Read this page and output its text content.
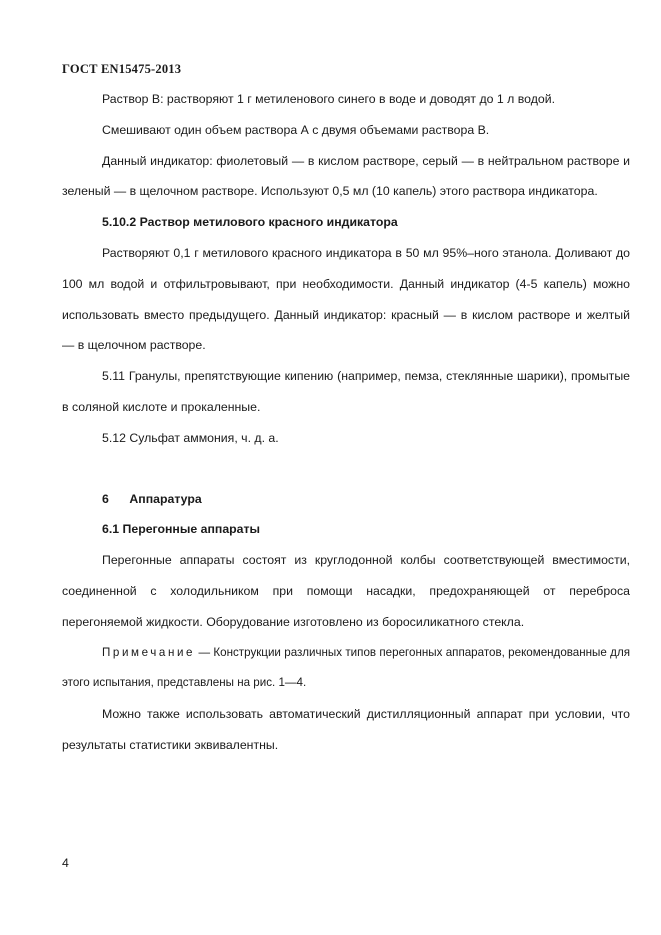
ГОСТ EN15475-2013

Раствор В: растворяют 1 г метиленового синего в воде и доводят до 1 л водой.

Смешивают один объем раствора А с двумя объемами раствора В.

Данный индикатор: фиолетовый — в кислом растворе, серый — в нейтральном растворе и зеленый — в щелочном растворе. Используют 0,5 мл (10 капель) этого раствора индикатора.

5.10.2 Раствор метилового красного индикатора

Растворяют 0,1 г метилового красного индикатора в 50 мл 95%–ного этанола. Доливают до 100 мл водой и отфильтровывают, при необходимости. Данный индикатор (4-5 капель) можно использовать вместо предыдущего. Данный индикатор: красный — в кислом растворе и желтый — в щелочном растворе.

5.11 Гранулы, препятствующие кипению (например, пемза, стеклянные шарики), промытые в соляной кислоте и прокаленные.

5.12 Сульфат аммония, ч. д. а.

6 Аппаратура
6.1 Перегонные аппараты

Перегонные аппараты состоят из круглодонной колбы соответствующей вместимости, соединенной с холодильником при помощи насадки, предохраняющей от переброса перегоняемой жидкости. Оборудование изготовлено из боросиликатного стекла.

Примечание — Конструкции различных типов перегонных аппаратов, рекомендованные для этого испытания, представлены на рис. 1—4.

Можно также использовать автоматический дистилляционный аппарат при условии, что результаты статистики эквивалентны.

4
